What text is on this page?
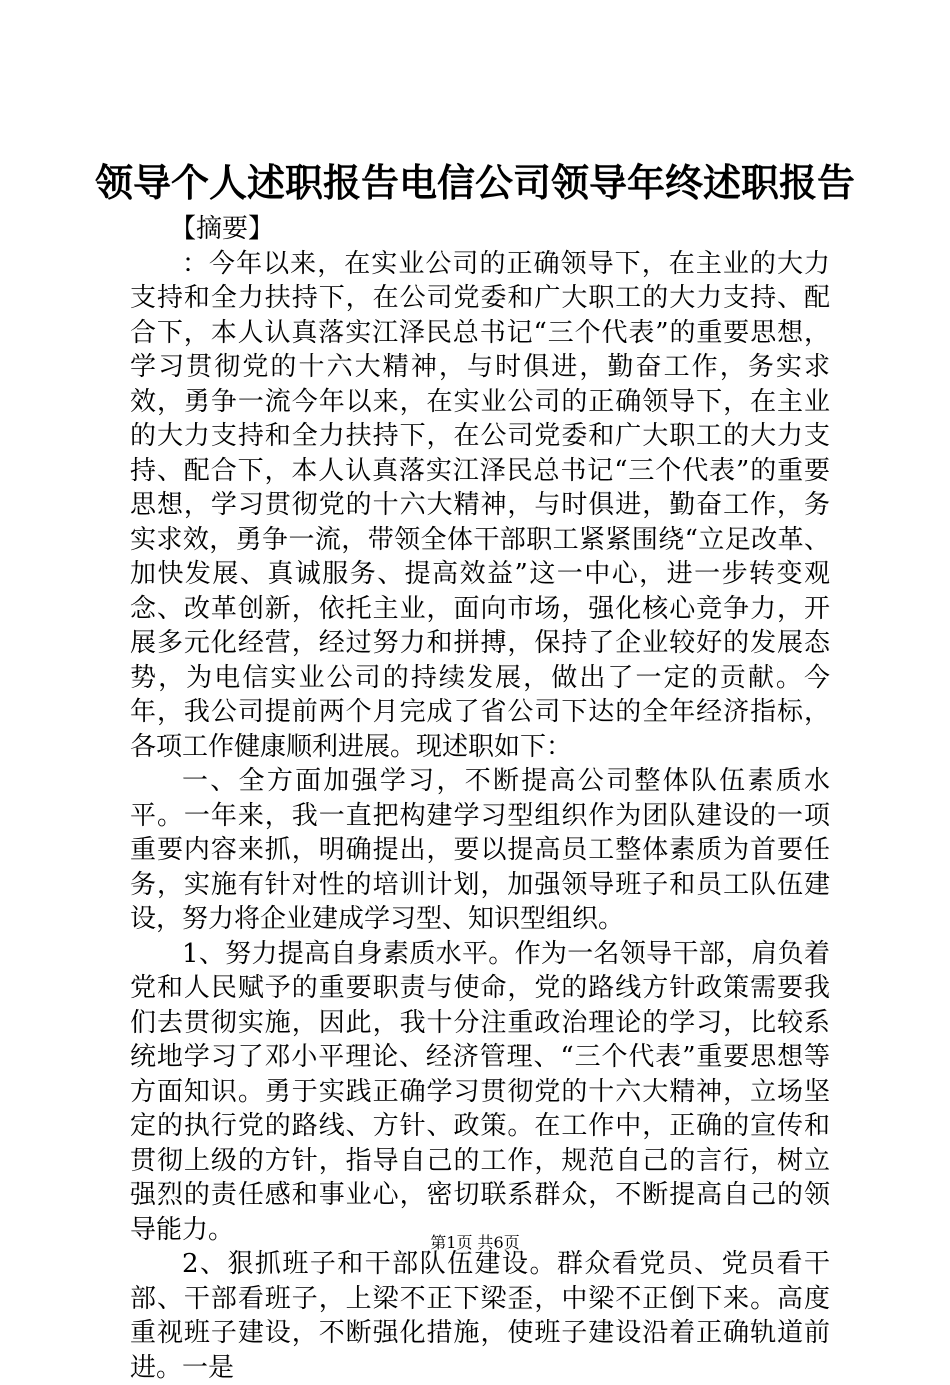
领导个人述职报告电信公司领导年终述职报告

【摘要】

：今年以来，在实业公司的正确领导下，在主业的大力支持和全力扶持下，在公司党委和广大职工的大力支持、配合下，本人认真落实江泽民总书记“三个代表”的重要思想，学习贯彻党的十六大精神，与时俱进，勤奋工作，务实求效，勇争一流今年以来，在实业公司的正确领导下，在主业的大力支持和全力扶持下，在公司党委和广大职工的大力支持、配合下，本人认真落实江泽民总书记“三个代表”的重要思想，学习贯彻党的十六大精神，与时俱进，勤奋工作，务实求效，勇争一流，带领全体干部职工紧紧围绕“立足改革、加快发展、真诚服务、提高效益”这一中心，进一步转变观念、改革创新，依托主业，面向市场，强化核心竞争力，开展多元化经营，经过努力和拼搏，保持了企业较好的发展态势，为电信实业公司的持续发展，做出了一定的贡献。今年，我公司提前两个月完成了省公司下达的全年经济指标，各项工作健康顺利进展。现述职如下：

一、全方面加强学习，不断提高公司整体队伍素质水平。一年来，我一直把构建学习型组织作为团队建设的一项重要内容来抓，明确提出，要以提高员工整体素质为首要任务，实施有针对性的培训计划，加强领导班子和员工队伍建设，努力将企业建成学习型、知识型组织。

1、努力提高自身素质水平。作为一名领导干部，肩负着党和人民赋予的重要职责与使命，党的路线方针政策需要我们去贯彻实施，因此，我十分注重政治理论的学习，比较系统地学习了邓小平理论、经济管理、“三个代表”重要思想等方面知识。勇于实践正确学习贯彻党的十六大精神，立场坚定的执行党的路线、方针、政策。在工作中，正确的宣传和贯彻上级的方针，指导自己的工作，规范自己的言行，树立强烈的责任感和事业心，密切联系群众，不断提高自己的领导能力。

2、狠抓班子和干部队伍建设。群众看党员、党员看干部、干部看班子，上梁不正下梁歪，中梁不正倒下来。高度重视班子建设，不断强化措施，使班子建设沿着正确轨道前进。一是

第1页 共6页
